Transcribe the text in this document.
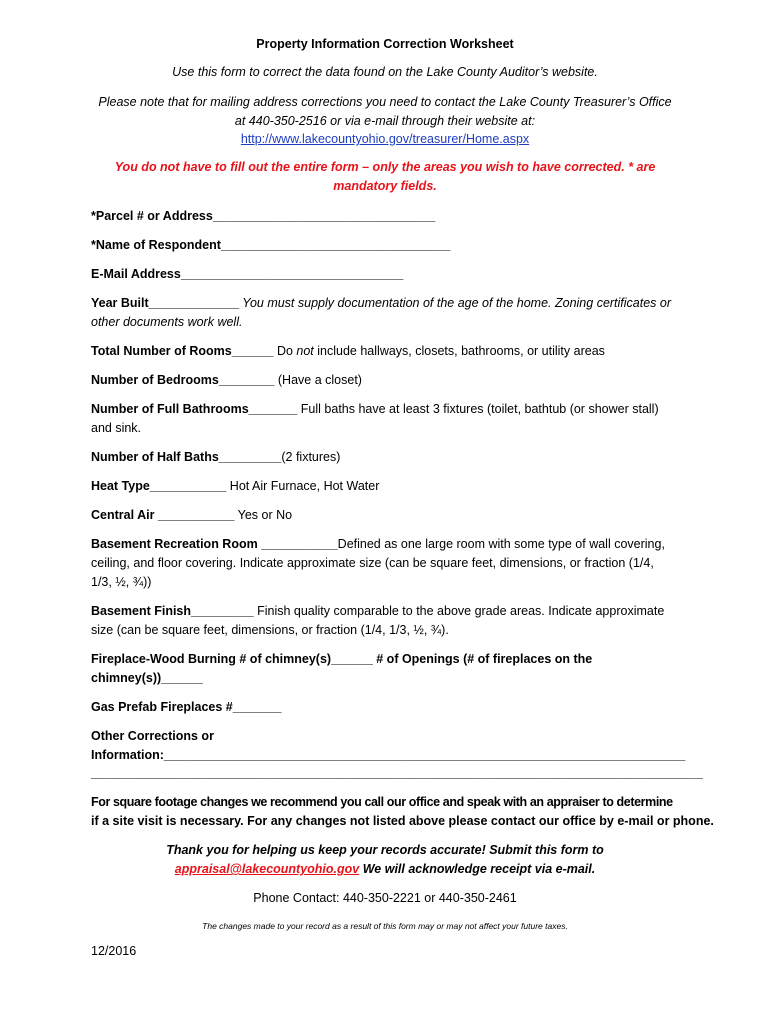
Property Information Correction Worksheet
Use this form to correct the data found on the Lake County Auditor’s website.
Please note that for mailing address corrections you need to contact the Lake County Treasurer’s Office
at 440-350-2516 or via e-mail through their website at:
http://www.lakecountyohio.gov/treasurer/Home.aspx
You do not have to fill out the entire form – only the areas you wish to have corrected. * are
mandatory fields.
*Parcel # or Address________________________________
*Name of Respondent_________________________________
E-Mail Address________________________________
Year Built_____________ You must supply documentation of the age of the home. Zoning certificates or
other documents work well.
Total Number of Rooms______ Do not include hallways, closets, bathrooms, or utility areas
Number of Bedrooms________ (Have a closet)
Number of Full Bathrooms_______ Full baths have at least 3 fixtures (toilet, bathtub (or shower stall)
and sink.
Number of Half Baths_________(2 fixtures)
Heat Type___________ Hot Air Furnace, Hot Water
Central Air ___________ Yes or No
Basement Recreation Room ___________Defined as one large room with some type of wall covering,
ceiling, and floor covering. Indicate approximate size (can be square feet, dimensions, or fraction (1/4,
1/3, ½, ¾))
Basement Finish_________ Finish quality comparable to the above grade areas. Indicate approximate
size (can be square feet, dimensions, or fraction (1/4, 1/3, ½, ¾).
Fireplace-Wood Burning # of chimney(s)______ # of Openings (# of fireplaces on the
chimney(s))______
Gas Prefab Fireplaces #_______
Other Corrections or
Information:___________________________________________________________________________
________________________________________________________________________________________
For square footage changes we recommend you call our office and speak with an appraiser to determine
if a site visit is necessary. For any changes not listed above please contact our office by e-mail or phone.
Thank you for helping us keep your records accurate! Submit this form to
appraisal@lakecountyohio.gov We will acknowledge receipt via e-mail.
Phone Contact: 440-350-2221 or 440-350-2461
The changes made to your record as a result of this form may or may not affect your future taxes.
12/2016
